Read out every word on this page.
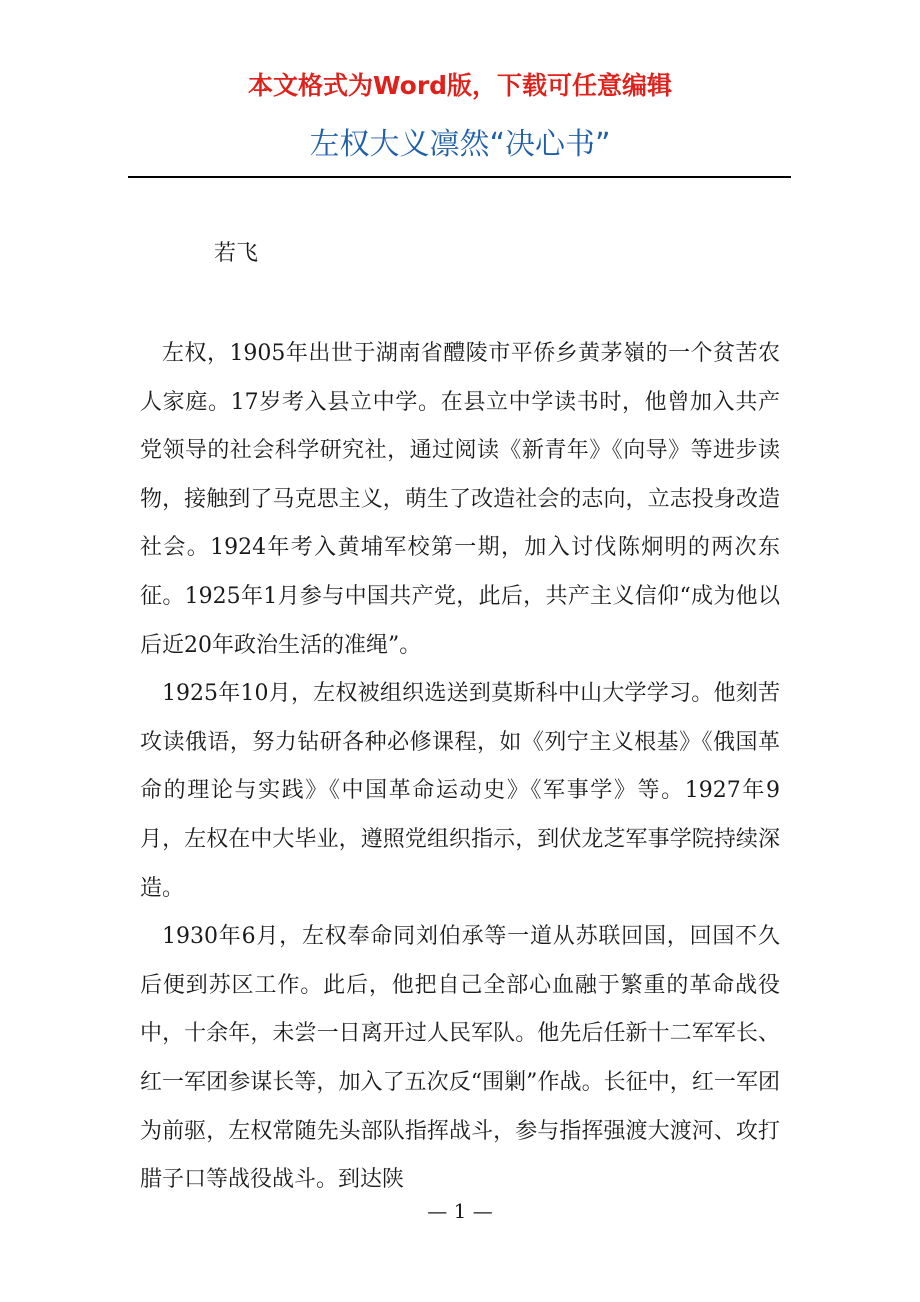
本文格式为Word版，下载可任意编辑
左权大义凛然“决心书”
若飞

左权，1905年出世于湖南省醴陵市平侨乡黄茅嶺的一个贫苦农人家庭。17岁考入县立中学。在县立中学读书时，他曾加入共产党领导的社会科学研究社，通过阅读《新青年》《向导》等进步读物，接触到了马克思主义，萌生了改造社会的志向，立志投身改造社会。1924年考入黄埔军校第一期，加入讨伐陈炯明的两次东征。1925年1月参与中国共产党，此后，共产主义信仰“成为他以后近20年政治生活的准绳”。

1925年10月，左权被组织选送到莫斯科中山大学学习。他刻苦攻读俄语，努力钻研各种必修课程，如《列宁主义根基》《俄国革命的理论与实践》《中国革命运动史》《军事学》等。1927年9月，左权在中大毕业，遵照党组织指示，到伏龙芝军事学院持续深造。

1930年6月，左权奉命同刘伯承等一道从苏联回国，回国不久后便到苏区工作。此后，他把自己全部心血融于繁重的革命战役中，十余年，未尝一日离开过人民军队。他先后任新十二军军长、红一军团参谋长等，加入了五次反“围剿”作战。长征中，红一军团为前驱，左权常随先头部队指挥战斗，参与指挥强渡大渡河、攻打腊子口等战役战斗。到达陕

— 1 —
